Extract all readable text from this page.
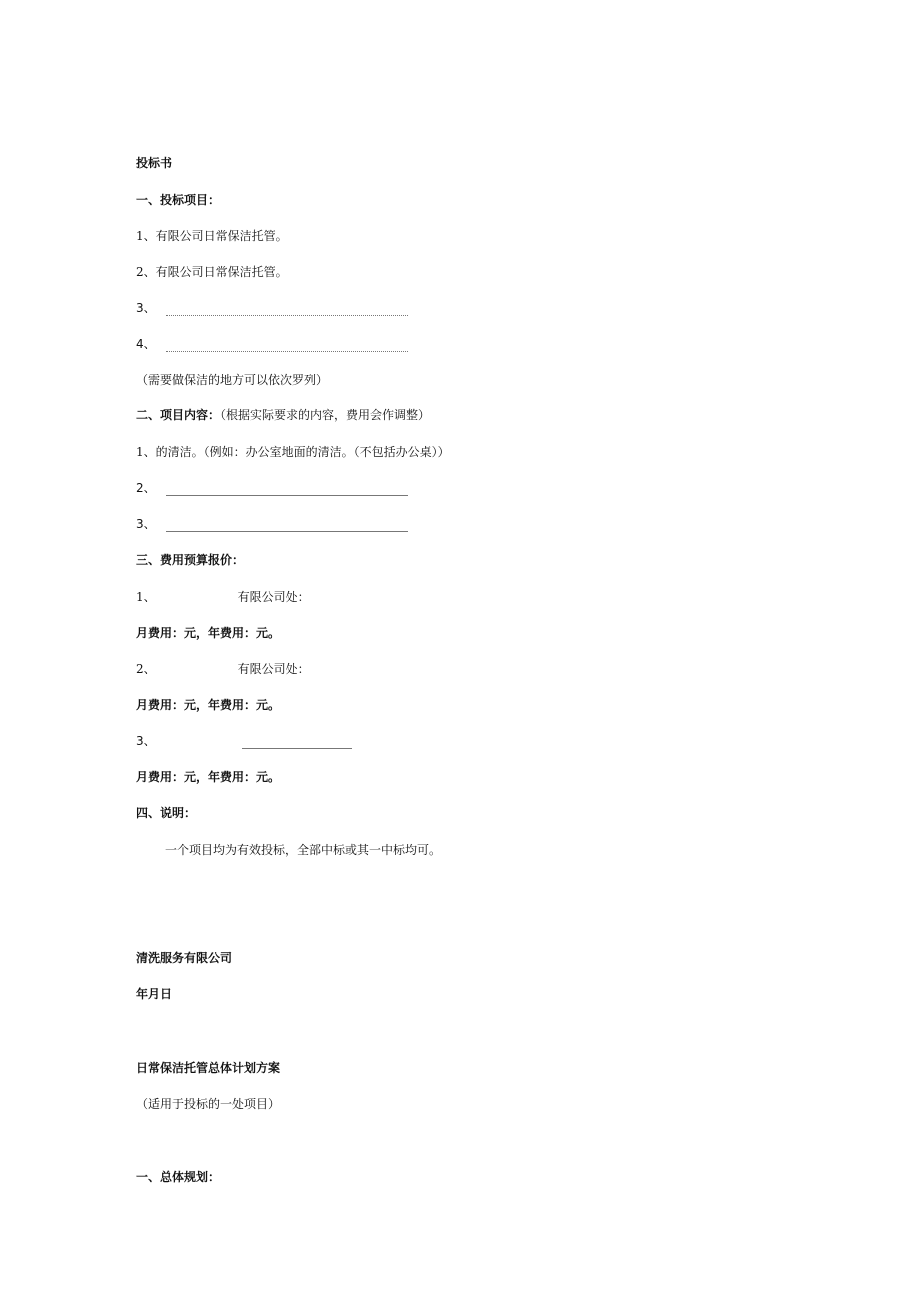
投标书
一、投标项目：
1、有限公司日常保洁托管。
2、有限公司日常保洁托管。
3、
4、
（需要做保洁的地方可以依次罗列）
二、项目内容：（根据实际要求的内容，费用会作调整）
1、的清洁。（例如：办公室地面的清洁。（不包括办公桌））
2、
3、
三、费用预算报价：
1、	有限公司处：
月费用：元，年费用：元。
2、	有限公司处：
月费用：元，年费用：元。
3、
月费用：元，年费用：元。
四、说明：
一个项目均为有效投标，全部中标或其一中标均可。
清洗服务有限公司
年月日
日常保洁托管总体计划方案
（适用于投标的一处项目）
一、总体规划：
